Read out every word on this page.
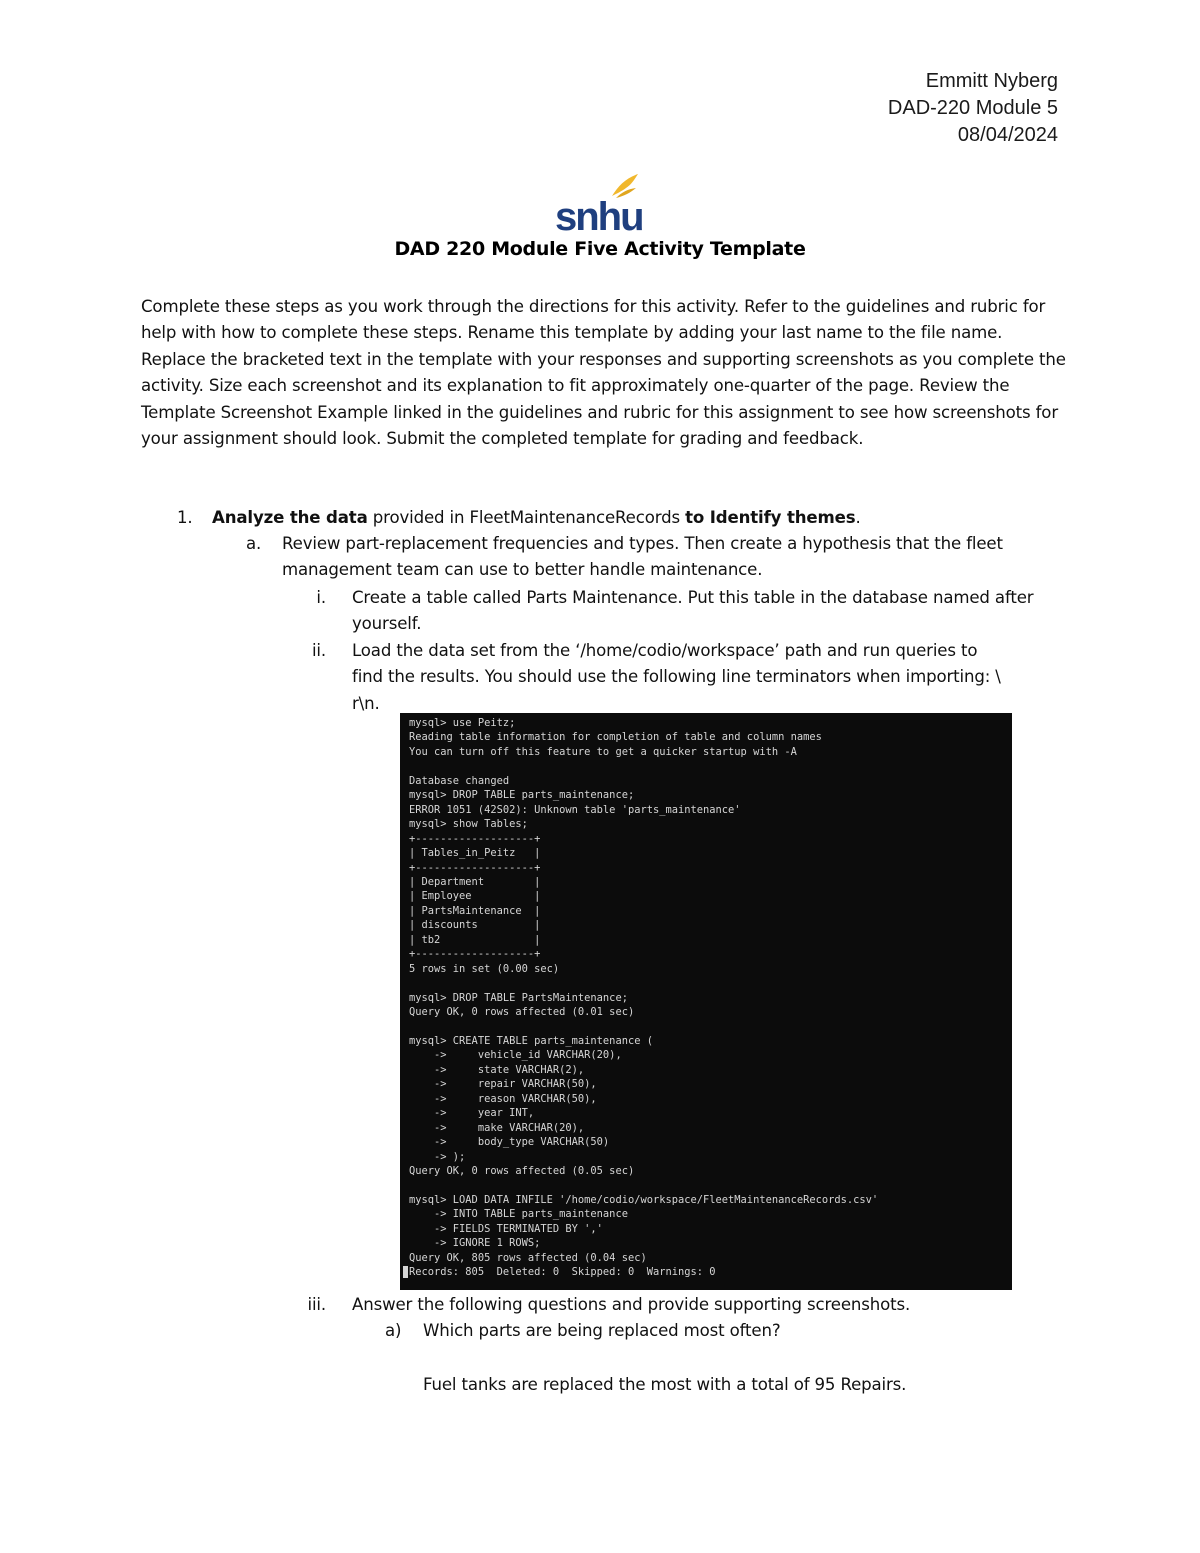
Emmitt Nyberg
DAD-220 Module 5
08/04/2024
snhu
DAD 220 Module Five Activity Template

Complete these steps as you work through the directions for this activity. Refer to the guidelines and rubric for help with how to complete these steps. Rename this template by adding your last name to the file name. Replace the bracketed text in the template with your responses and supporting screenshots as you complete the activity. Size each screenshot and its explanation to fit approximately one-quarter of the page. Review the Template Screenshot Example linked in the guidelines and rubric for this assignment to see how screenshots for your assignment should look. Submit the completed template for grading and feedback.

1. Analyze the data provided in FleetMaintenanceRecords to Identify themes.
a. Review part-replacement frequencies and types. Then create a hypothesis that the fleet management team can use to better handle maintenance.
i. Create a table called Parts Maintenance. Put this table in the database named after yourself.
ii. Load the data set from the ‘/home/codio/workspace’ path and run queries to
find the results. You should use the following line terminators when importing: \
r\n.
mysql> use Peitz;
Reading table information for completion of table and column names
You can turn off this feature to get a quicker startup with -A

Database changed
mysql> DROP TABLE parts_maintenance;
ERROR 1051 (42S02): Unknown table 'parts_maintenance'
mysql> show Tables;
+-------------------+
| Tables_in_Peitz   |
+-------------------+
| Department        |
| Employee          |
| PartsMaintenance  |
| discounts         |
| tb2               |
+-------------------+
5 rows in set (0.00 sec)

mysql> DROP TABLE PartsMaintenance;
Query OK, 0 rows affected (0.01 sec)

mysql> CREATE TABLE parts_maintenance (
->     vehicle_id VARCHAR(20),
->     state VARCHAR(2),
->     repair VARCHAR(50),
->     reason VARCHAR(50),
->     year INT,
->     make VARCHAR(20),
->     body_type VARCHAR(50)
-> );
Query OK, 0 rows affected (0.05 sec)

mysql> LOAD DATA INFILE '/home/codio/workspace/FleetMaintenanceRecords.csv'
-> INTO TABLE parts_maintenance
-> FIELDS TERMINATED BY ','
-> IGNORE 1 ROWS;
Query OK, 805 rows affected (0.04 sec)
Records: 805  Deleted: 0  Skipped: 0  Warnings: 0
iii. Answer the following questions and provide supporting screenshots.
a) Which parts are being replaced most often?
Fuel tanks are replaced the most with a total of 95 Repairs.
